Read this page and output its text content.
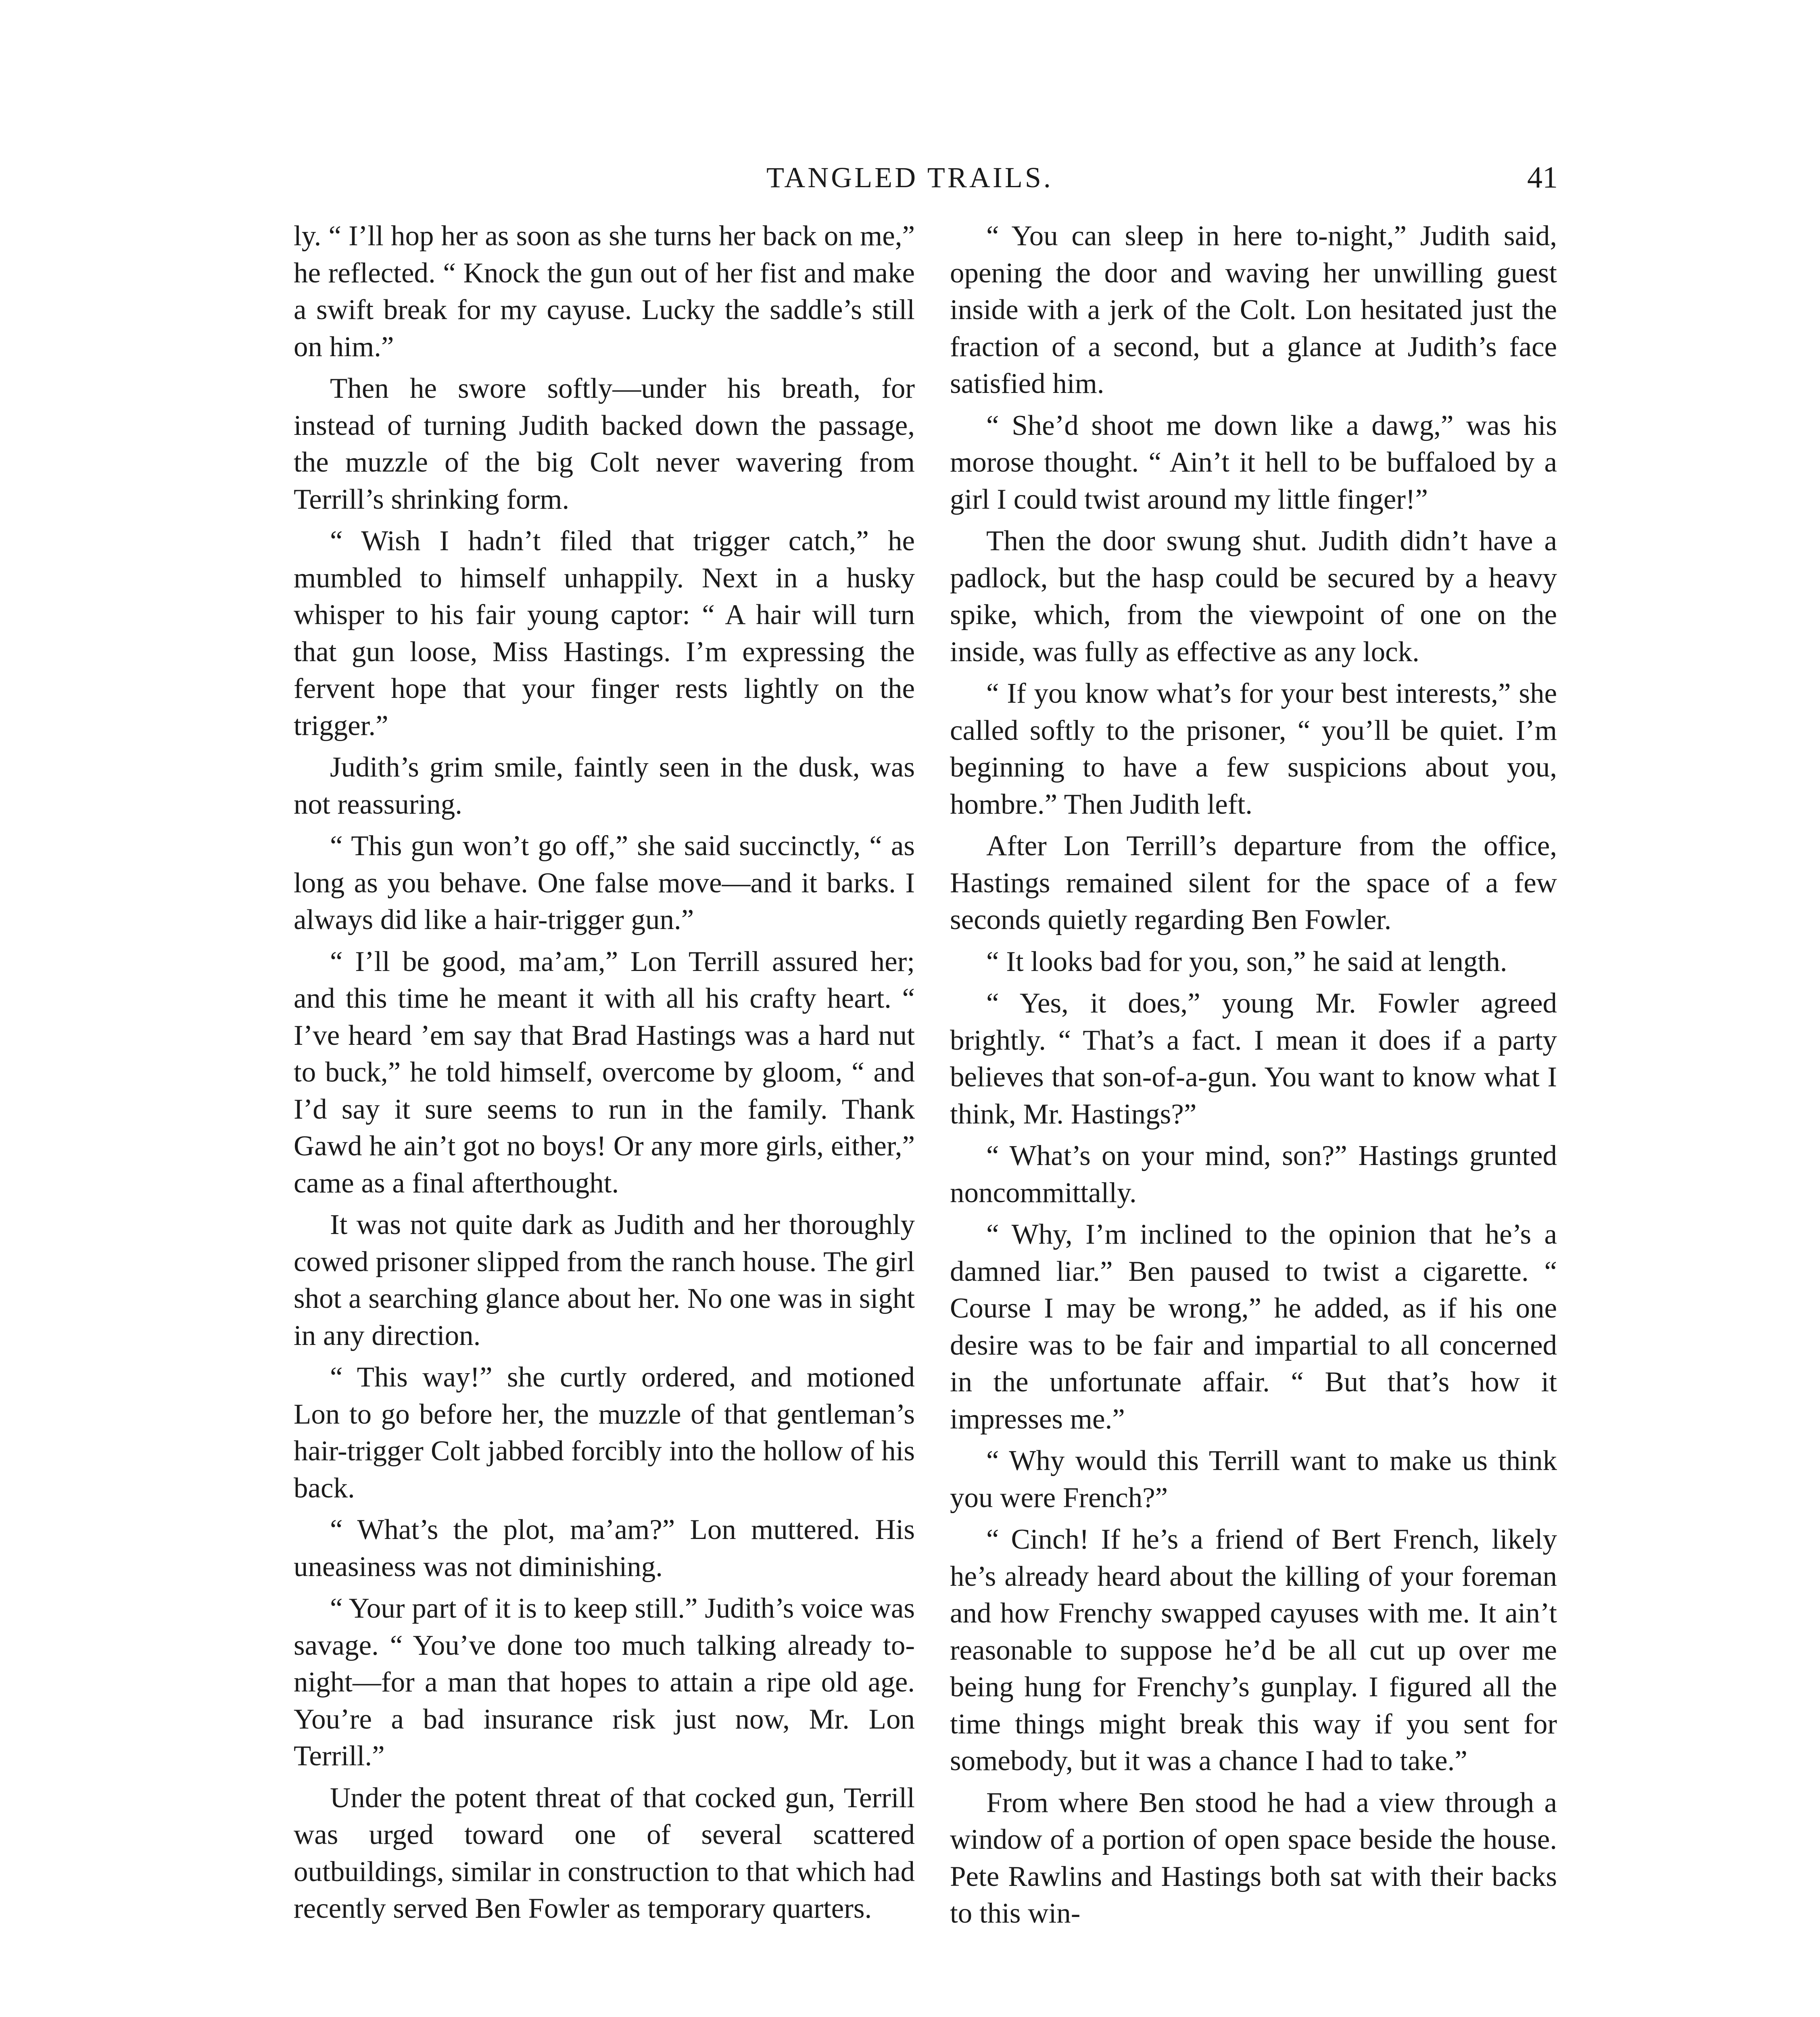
TANGLED TRAILS.	41

ly. “ I’ll hop her as soon as she turns her back on me,” he reflected. “ Knock the gun out of her fist and make a swift break for my cayuse. Lucky the saddle’s still on him.”

Then he swore softly—under his breath, for instead of turning Judith backed down the passage, the muzzle of the big Colt never wavering from Terrill’s shrinking form.

“ Wish I hadn’t filed that trigger catch,” he mumbled to himself unhappily. Next in a husky whisper to his fair young captor: “ A hair will turn that gun loose, Miss Hastings. I’m expressing the fervent hope that your finger rests lightly on the trigger.”

Judith’s grim smile, faintly seen in the dusk, was not reassuring.

“ This gun won’t go off,” she said succinctly, “ as long as you behave. One false move—and it barks. I always did like a hair-trigger gun.”

“ I’ll be good, ma’am,” Lon Terrill assured her; and this time he meant it with all his crafty heart. “ I’ve heard ’em say that Brad Hastings was a hard nut to buck,” he told himself, overcome by gloom, “ and I’d say it sure seems to run in the family. Thank Gawd he ain’t got no boys! Or any more girls, either,” came as a final afterthought.

It was not quite dark as Judith and her thoroughly cowed prisoner slipped from the ranch house. The girl shot a searching glance about her. No one was in sight in any direction.

“ This way!” she curtly ordered, and motioned Lon to go before her, the muzzle of that gentleman’s hair-trigger Colt jabbed forcibly into the hollow of his back.

“ What’s the plot, ma’am?” Lon muttered. His uneasiness was not diminishing.

“ Your part of it is to keep still.” Judith’s voice was savage. “ You’ve done too much talking already to-night—for a man that hopes to attain a ripe old age. You’re a bad insurance risk just now, Mr. Lon Terrill.”

Under the potent threat of that cocked gun, Terrill was urged toward one of several scattered outbuildings, similar in construction to that which had recently served Ben Fowler as temporary quarters.

“ You can sleep in here to-night,” Judith said, opening the door and waving her unwilling guest inside with a jerk of the Colt. Lon hesitated just the fraction of a second, but a glance at Judith’s face satisfied him.

“ She’d shoot me down like a dawg,” was his morose thought. “ Ain’t it hell to be buffaloed by a girl I could twist around my little finger!”

Then the door swung shut. Judith didn’t have a padlock, but the hasp could be secured by a heavy spike, which, from the viewpoint of one on the inside, was fully as effective as any lock.

“ If you know what’s for your best interests,” she called softly to the prisoner, “ you’ll be quiet. I’m beginning to have a few suspicions about you, hombre.” Then Judith left.

After Lon Terrill’s departure from the office, Hastings remained silent for the space of a few seconds quietly regarding Ben Fowler.

“ It looks bad for you, son,” he said at length.

“ Yes, it does,” young Mr. Fowler agreed brightly. “ That’s a fact. I mean it does if a party believes that son-of-a-gun. You want to know what I think, Mr. Hastings?”

“ What’s on your mind, son?” Hastings grunted noncommittally.

“ Why, I’m inclined to the opinion that he’s a damned liar.” Ben paused to twist a cigarette. “ Course I may be wrong,” he added, as if his one desire was to be fair and impartial to all concerned in the unfortunate affair. “ But that’s how it impresses me.”

“ Why would this Terrill want to make us think you were French?”

“ Cinch! If he’s a friend of Bert French, likely he’s already heard about the killing of your foreman and how Frenchy swapped cayuses with me. It ain’t reasonable to suppose he’d be all cut up over me being hung for Frenchy’s gunplay. I figured all the time things might break this way if you sent for somebody, but it was a chance I had to take.”

From where Ben stood he had a view through a window of a portion of open space beside the house. Pete Rawlins and Hastings both sat with their backs to this win-
